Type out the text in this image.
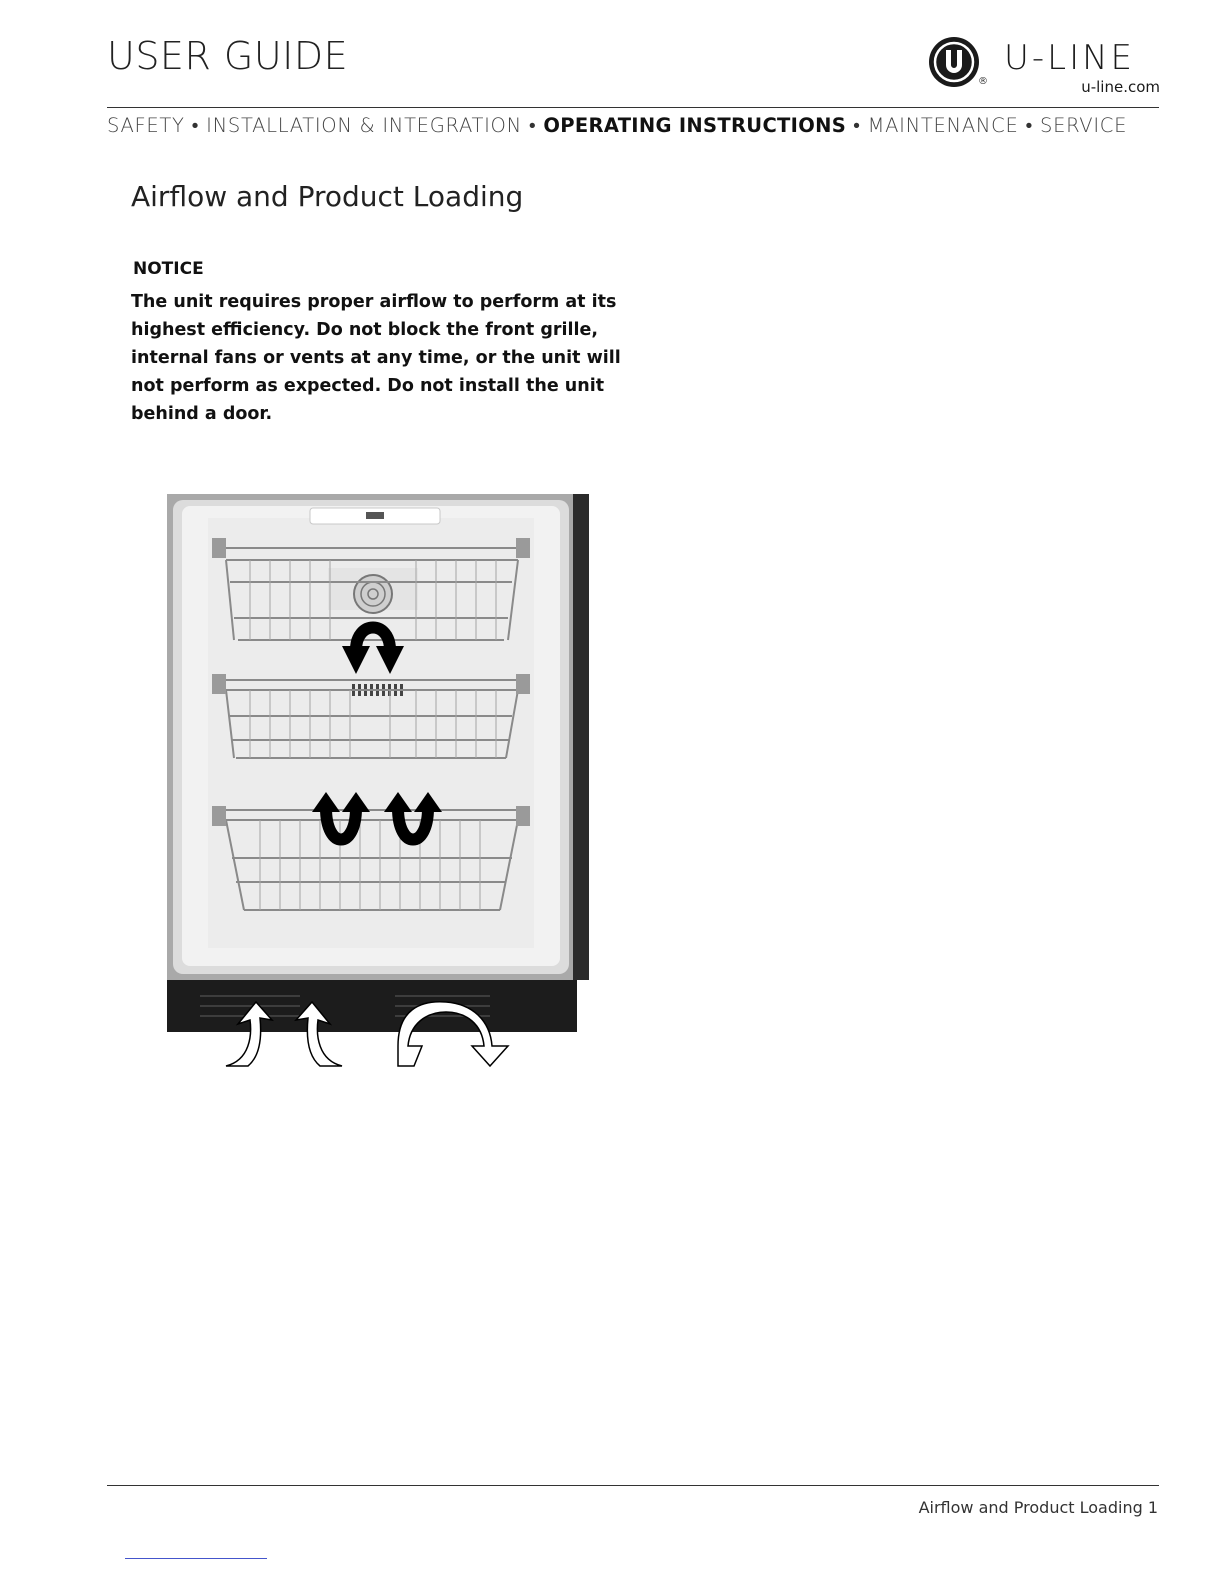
USER GUIDE
®
U-LINE
u-line.com
SAFETY • INSTALLATION & INTEGRATION • OPERATING INSTRUCTIONS • MAINTENANCE • SERVICE
Airflow and Product Loading
NOTICE

The unit requires proper airflow to perform at its highest efficiency. Do not block the front grille, internal fans or vents at any time, or the unit will not perform as expected. Do not install the unit behind a door.

Airflow and Product Loading 1
